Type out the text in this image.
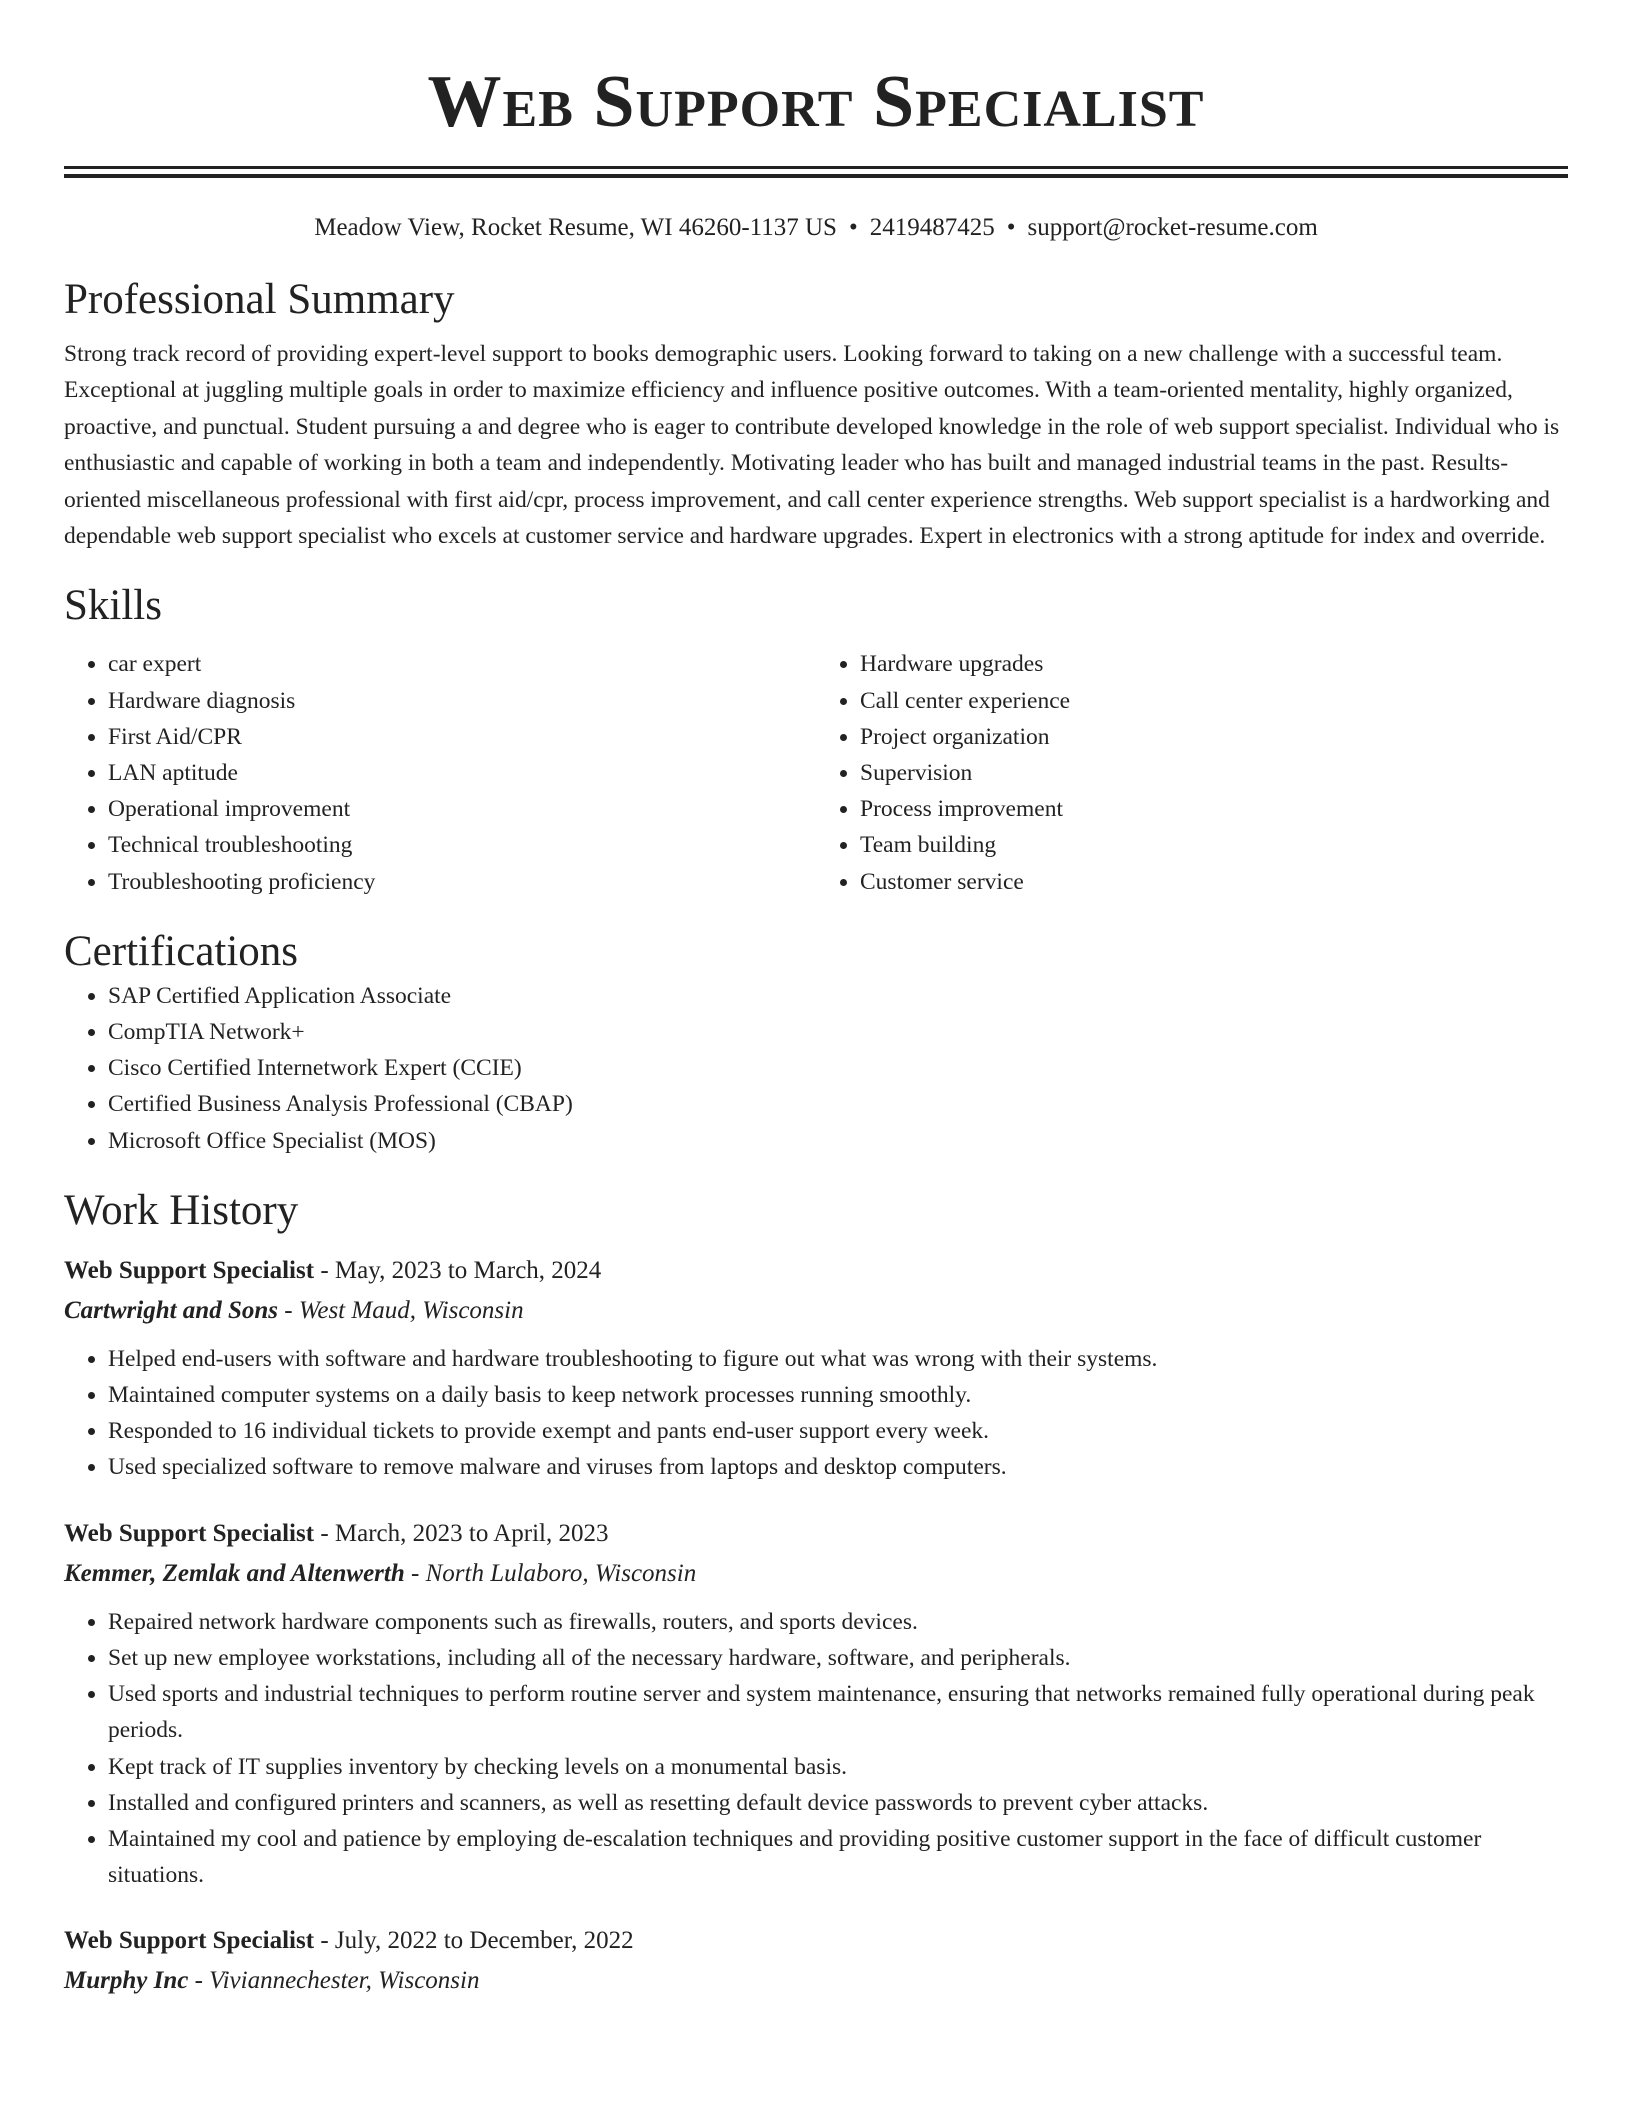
Web Support Specialist
Meadow View, Rocket Resume, WI 46260-1137 US • 2419487425 • support@rocket-resume.com
Professional Summary

Strong track record of providing expert-level support to books demographic users. Looking forward to taking on a new challenge with a successful team. Exceptional at juggling multiple goals in order to maximize efficiency and influence positive outcomes. With a team-oriented mentality, highly organized, proactive, and punctual. Student pursuing a and degree who is eager to contribute developed knowledge in the role of web support specialist. Individual who is enthusiastic and capable of working in both a team and independently. Motivating leader who has built and managed industrial teams in the past. Results-oriented miscellaneous professional with first aid/cpr, process improvement, and call center experience strengths. Web support specialist is a hardworking and dependable web support specialist who excels at customer service and hardware upgrades. Expert in electronics with a strong aptitude for index and override.

Skills
• car expert
• Hardware diagnosis
• First Aid/CPR
• LAN aptitude
• Operational improvement
• Technical troubleshooting
• Troubleshooting proficiency
• Hardware upgrades
• Call center experience
• Project organization
• Supervision
• Process improvement
• Team building
• Customer service
Certifications
• SAP Certified Application Associate
• CompTIA Network+
• Cisco Certified Internetwork Expert (CCIE)
• Certified Business Analysis Professional (CBAP)
• Microsoft Office Specialist (MOS)
Work History
Web Support Specialist - May, 2023 to March, 2024
Cartwright and Sons - West Maud, Wisconsin
• Helped end-users with software and hardware troubleshooting to figure out what was wrong with their systems.
• Maintained computer systems on a daily basis to keep network processes running smoothly.
• Responded to 16 individual tickets to provide exempt and pants end-user support every week.
• Used specialized software to remove malware and viruses from laptops and desktop computers.
Web Support Specialist - March, 2023 to April, 2023
Kemmer, Zemlak and Altenwerth - North Lulaboro, Wisconsin
• Repaired network hardware components such as firewalls, routers, and sports devices.
• Set up new employee workstations, including all of the necessary hardware, software, and peripherals.
• Used sports and industrial techniques to perform routine server and system maintenance, ensuring that networks remained fully operational during peak periods.
• Kept track of IT supplies inventory by checking levels on a monumental basis.
• Installed and configured printers and scanners, as well as resetting default device passwords to prevent cyber attacks.
• Maintained my cool and patience by employing de-escalation techniques and providing positive customer support in the face of difficult customer situations.
Web Support Specialist - July, 2022 to December, 2022
Murphy Inc - Viviannechester, Wisconsin
